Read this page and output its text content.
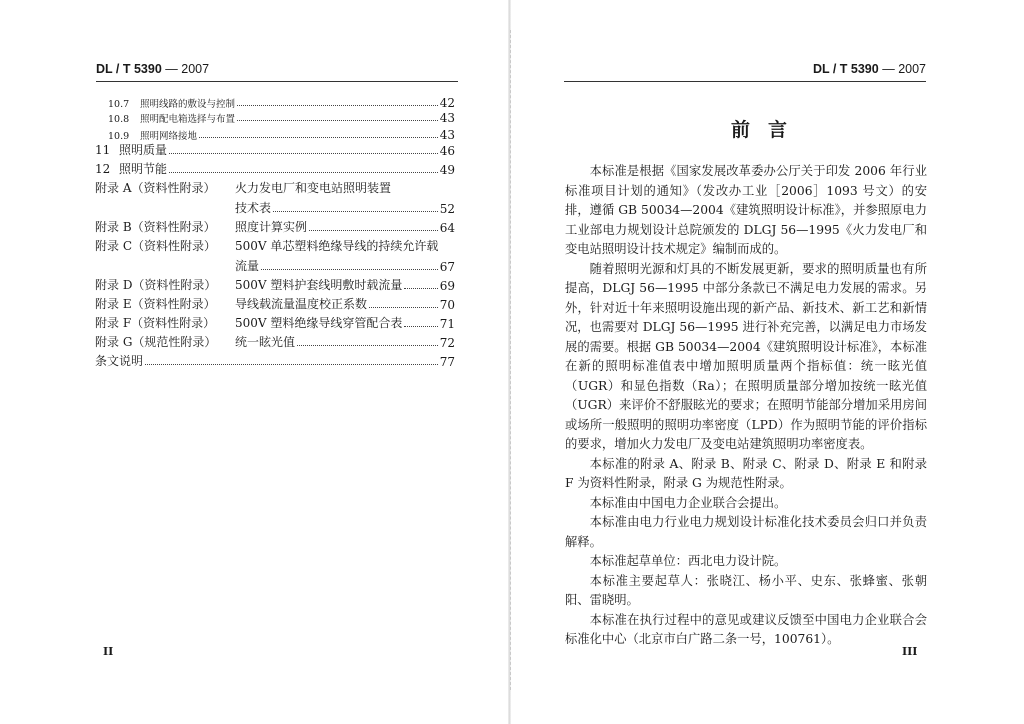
DL / T 5390 — 2007
10.7 照明线路的敷设与控制	42
10.8 照明配电箱选择与布置	43
10.9 照明网络接地	43
11 照明质量	46
12 照明节能	49
附录 A（资料性附录） 火力发电厂和变电站照明装置
技术表	52
附录 B（资料性附录） 照度计算实例	64
附录 C（资料性附录） 500V 单芯塑料绝缘导线的持续允许载
流量	67
附录 D（资料性附录） 500V 塑料护套线明敷时载流量	69
附录 E（资料性附录） 导线载流量温度校正系数	70
附录 F（资料性附录） 500V 塑料绝缘导线穿管配合表	71
附录 G（规范性附录） 统一眩光值	72
条文说明	77
II
DL / T 5390 — 2007
前言
III

本标准是根据《国家发展改革委办公厅关于印发 2006 年行业标准项目计划的通知》（发改办工业［2006］1093 号文）的安排，遵循 GB 50034—2004《建筑照明设计标准》，并参照原电力工业部电力规划设计总院颁发的 DLGJ 56—1995《火力发电厂和变电站照明设计技术规定》编制而成的。

随着照明光源和灯具的不断发展更新，要求的照明质量也有所提高，DLGJ 56—1995 中部分条款已不满足电力发展的需求。另外，针对近十年来照明设施出现的新产品、新技术、新工艺和新情况，也需要对 DLGJ 56—1995 进行补充完善，以满足电力市场发展的需要。根据 GB 50034—2004《建筑照明设计标准》，本标准在新的照明标准值表中增加照明质量两个指标值：统一眩光值（UGR）和显色指数（Ra）；在照明质量部分增加按统一眩光值（UGR）来评价不舒服眩光的要求；在照明节能部分增加采用房间或场所一般照明的照明功率密度（LPD）作为照明节能的评价指标的要求，增加火力发电厂及变电站建筑照明功率密度表。

本标准的附录 A、附录 B、附录 C、附录 D、附录 E 和附录 F 为资料性附录，附录 G 为规范性附录。

本标准由中国电力企业联合会提出。

本标准由电力行业电力规划设计标准化技术委员会归口并负责解释。

本标准起草单位：西北电力设计院。

本标准主要起草人：张晓江、杨小平、史东、张蜂蜜、张朝阳、雷晓明。

本标准在执行过程中的意见或建议反馈至中国电力企业联合会标准化中心（北京市白广路二条一号，100761）。
